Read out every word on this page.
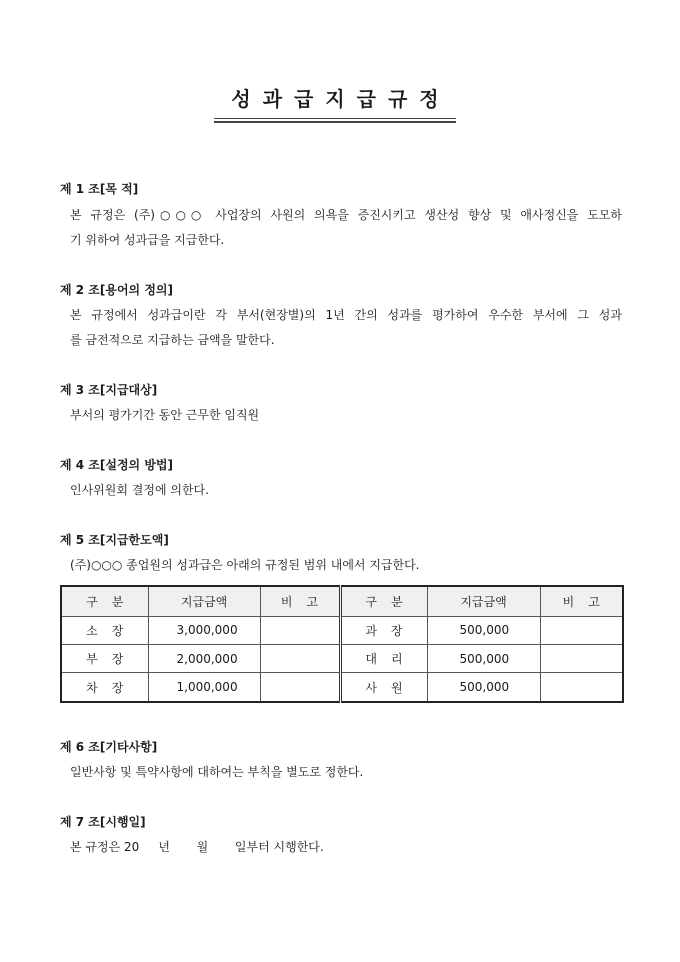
성과급지급규정
제 1 조[목 적]
본 규정은 (주)○○○ 사업장의 사원의 의욕을 증진시키고 생산성 향상 및 애사정신을 도모하
기 위하여 성과급을 지급한다.
제 2 조[용어의 정의]
본 규정에서 성과급이란 각 부서(현장별)의 1년 간의 성과를 평가하여 우수한 부서에 그 성과
를 금전적으로 지급하는 금액을 말한다.
제 3 조[지급대상]
부서의 평가기간 동안 근무한 임직원
제 4 조[설정의 방법]
인사위원회 결정에 의한다.
제 5 조[지급한도액]
(주)○○○ 종업원의 성과급은 아래의 규정된 범위 내에서 지급한다.
구분	지급금액	비고	구분	지급금액	비고
소장	3,000,000		과장	500,000	
부장	2,000,000		대리	500,000	
차장	1,000,000		사원	500,000	
제 6 조[기타사항]
일반사항 및 특약사항에 대하여는 부칙을 별도로 정한다.
제 7 조[시행일]
본 규정은 20     년       월       일부터 시행한다.
